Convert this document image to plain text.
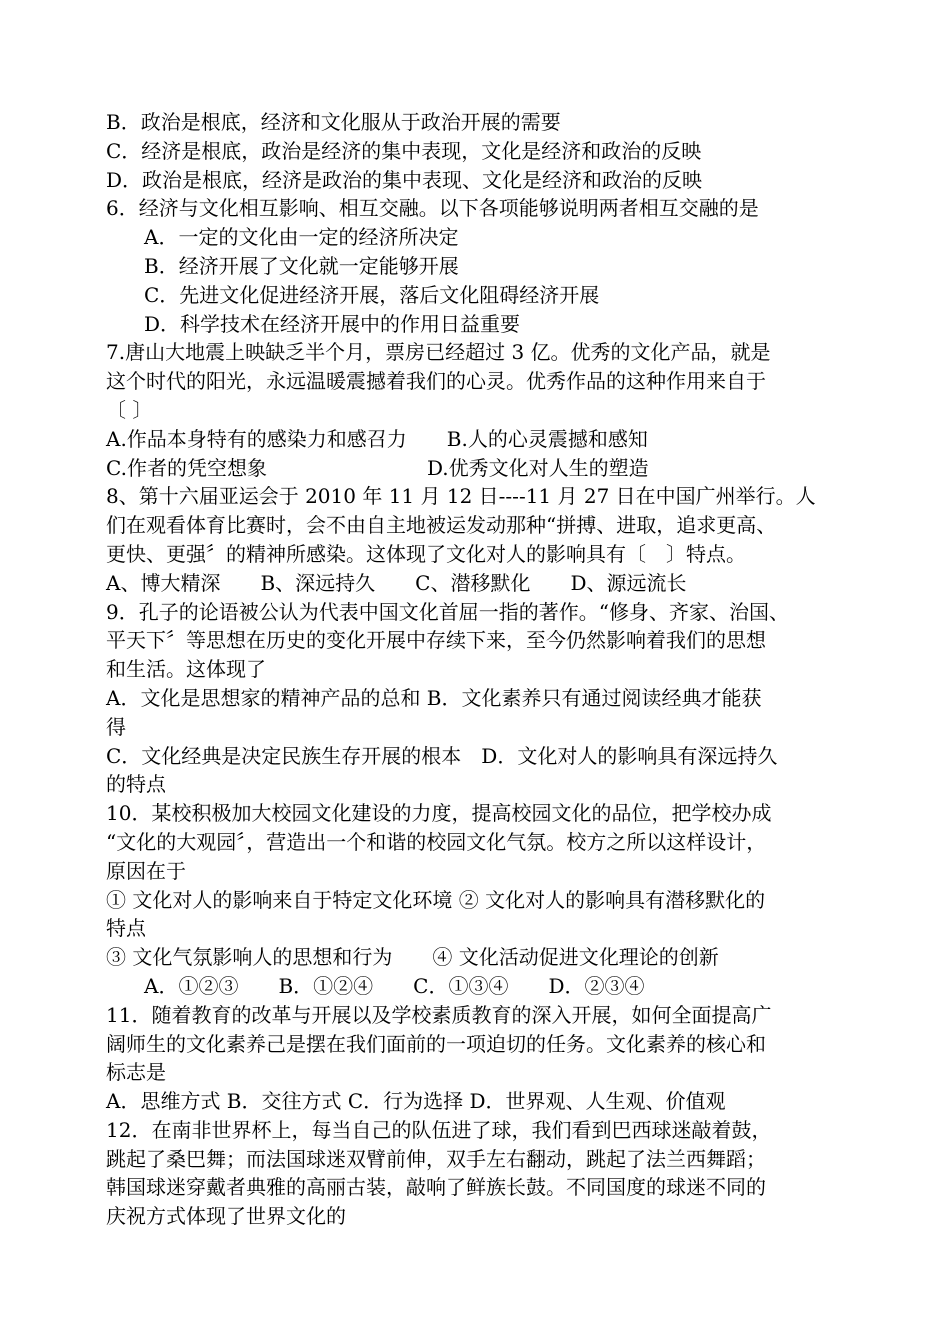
B．政治是根底，经济和文化服从于政治开展的需要
C．经济是根底，政治是经济的集中表现，文化是经济和政治的反映
D．政治是根底，经济是政治的集中表现、文化是经济和政治的反映
6．经济与文化相互影响、相互交融。以下各项能够说明两者相互交融的是
A．一定的文化由一定的经济所决定
B．经济开展了文化就一定能够开展
C．先进文化促进经济开展，落后文化阻碍经济开展
D．科学技术在经济开展中的作用日益重要
7.唐山大地震上映缺乏半个月，票房已经超过 3 亿。优秀的文化产品，就是
这个时代的阳光，永远温暖震撼着我们的心灵。优秀作品的这种作用来自于
〔 〕
A.作品本身特有的感染力和感召力　　B.人的心灵震撼和感知
C.作者的凭空想象　　　　　　　　D.优秀文化对人生的塑造
8、第十六届亚运会于 2010 年 11 月 12 日----11 月 27 日在中国广州举行。人
们在观看体育比赛时，会不由自主地被运发动那种“拼搏、进取，追求更高、
更快、更强〞的精神所感染。这体现了文化对人的影响具有〔　〕特点。
A、博大精深　　B、深远持久　　C、潜移默化　　D、源远流长
9．孔子的论语被公认为代表中国文化首屈一指的著作。“修身、齐家、治国、
平天下〞等思想在历史的变化开展中存续下来，至今仍然影响着我们的思想
和生活。这体现了
A．文化是思想家的精神产品的总和 B．文化素养只有通过阅读经典才能获
得
C．文化经典是决定民族生存开展的根本　D．文化对人的影响具有深远持久
的特点
10．某校积极加大校园文化建设的力度，提高校园文化的品位，把学校办成
“文化的大观园〞，营造出一个和谐的校园文化气氛。校方之所以这样设计，
原因在于
① 文化对人的影响来自于特定文化环境 ② 文化对人的影响具有潜移默化的
特点
③ 文化气氛影响人的思想和行为　　④ 文化活动促进文化理论的创新
A．①②③　　B．①②④　　C．①③④　　D．②③④
11．随着教育的改革与开展以及学校素质教育的深入开展，如何全面提高广
阔师生的文化素养己是摆在我们面前的一项迫切的任务。文化素养的核心和
标志是
A．思维方式 B．交往方式 C．行为选择 D．世界观、人生观、价值观
12．在南非世界杯上，每当自己的队伍进了球，我们看到巴西球迷敲着鼓，
跳起了桑巴舞；而法国球迷双臂前伸，双手左右翻动，跳起了法兰西舞蹈；
韩国球迷穿戴者典雅的高丽古装，敲响了鲜族长鼓。不同国度的球迷不同的
庆祝方式体现了世界文化的
